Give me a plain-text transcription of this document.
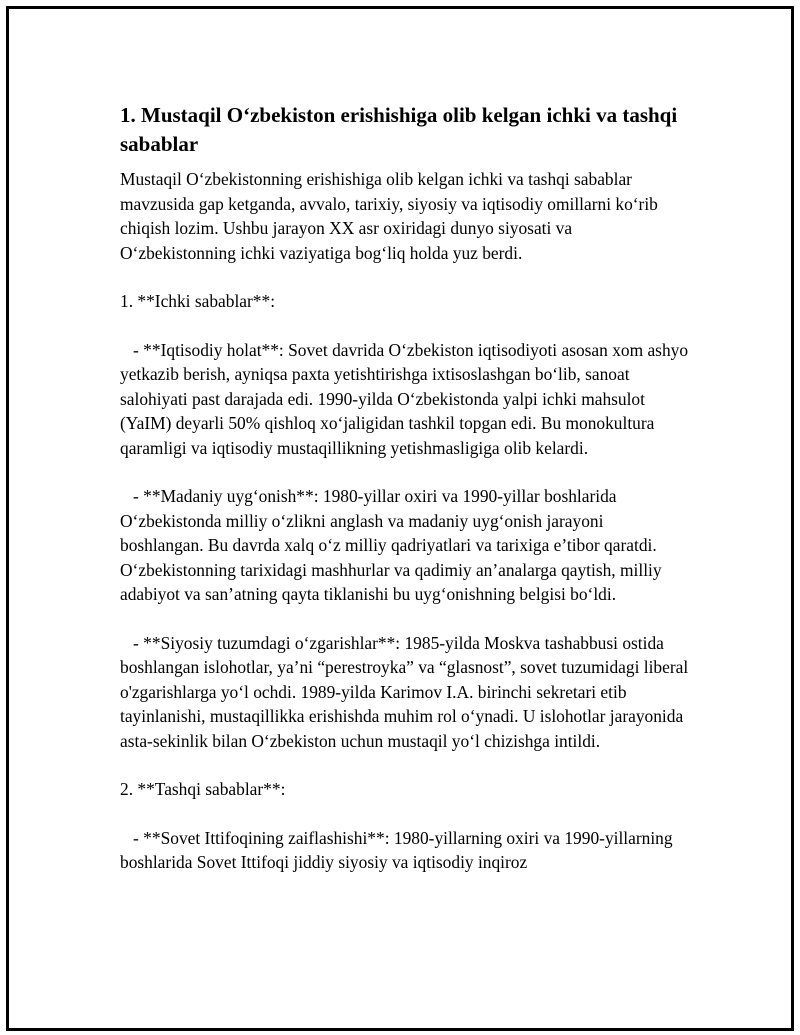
1. Mustaqil O‘zbekiston erishishiga olib kelgan ichki va tashqi sabablar

Mustaqil O‘zbekistonning erishishiga olib kelgan ichki va tashqi sabablar mavzusida gap ketganda, avvalo, tarixiy, siyosiy va iqtisodiy omillarni ko‘rib chiqish lozim. Ushbu jarayon XX asr oxiridagi dunyo siyosati va O‘zbekistonning ichki vaziyatiga bog‘liq holda yuz berdi.

1. **Ichki sabablar**:

- **Iqtisodiy holat**: Sovet davrida O‘zbekiston iqtisodiyoti asosan xom ashyo yetkazib berish, ayniqsa paxta yetishtirishga ixtisoslashgan bo‘lib, sanoat salohiyati past darajada edi. 1990-yilda O‘zbekistonda yalpi ichki mahsulot (YaIM) deyarli 50% qishloq xo‘jaligidan tashkil topgan edi. Bu monokultura qaramligi va iqtisodiy mustaqillikning yetishmasligiga olib kelardi.

- **Madaniy uyg‘onish**: 1980-yillar oxiri va 1990-yillar boshlarida O‘zbekistonda milliy o‘zlikni anglash va madaniy uyg‘onish jarayoni boshlangan. Bu davrda xalq o‘z milliy qadriyatlari va tarixiga e’tibor qaratdi. O‘zbekistonning tarixidagi mashhurlar va qadimiy an’analarga qaytish, milliy adabiyot va san’atning qayta tiklanishi bu uyg‘onishning belgisi bo‘ldi.

- **Siyosiy tuzumdagi o‘zgarishlar**: 1985-yilda Moskva tashabbusi ostida boshlangan islohotlar, ya’ni “perestroyka” va “glasnost”, sovet tuzumidagi liberal o'zgarishlarga yo‘l ochdi. 1989-yilda Karimov I.A. birinchi sekretari etib tayinlanishi, mustaqillikka erishishda muhim rol o‘ynadi. U islohotlar jarayonida asta-sekinlik bilan O‘zbekiston uchun mustaqil yo‘l chizishga intildi.

2. **Tashqi sabablar**:

- **Sovet Ittifoqining zaiflashishi**: 1980-yillarning oxiri va 1990-yillarning boshlarida Sovet Ittifoqi jiddiy siyosiy va iqtisodiy inqiroz
